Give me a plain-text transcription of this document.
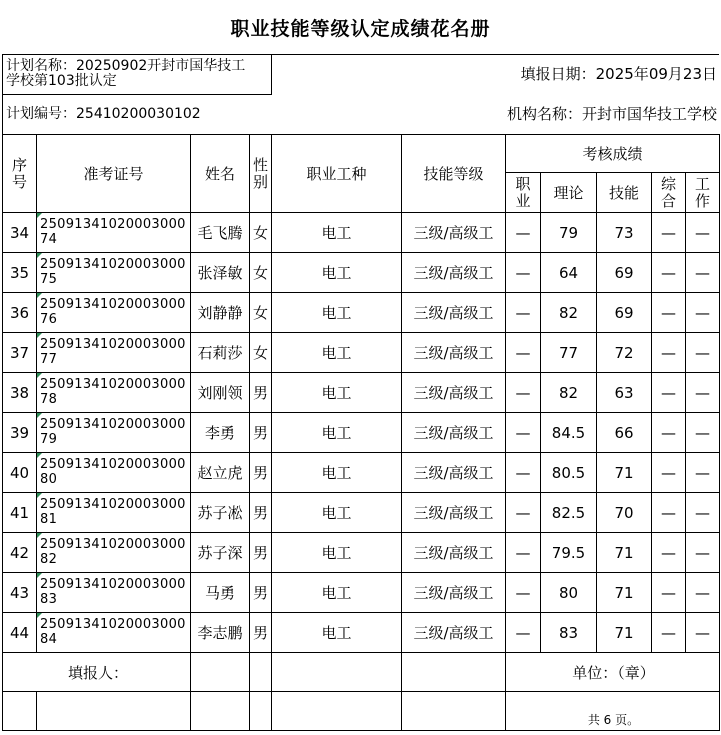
职业技能等级认定成绩花名册
计划名称：20250902开封市国华技工
学校第103批认定	填报日期：2025年09月23日
计划编号：25410200030102	机构名称：开封市国华技工学校
序号	准考证号	姓名	性别	职业工种	技能等级	考核成绩				
						职业	理论	技能	综合	工作
34	2509134102000300074	毛飞腾	女	电工	三级/高级工	—	79	73	—	—
35	2509134102000300075	张泽敏	女	电工	三级/高级工	—	64	69	—	—
36	2509134102000300076	刘静静	女	电工	三级/高级工	—	82	69	—	—
37	2509134102000300077	石莉莎	女	电工	三级/高级工	—	77	72	—	—
38	2509134102000300078	刘刚领	男	电工	三级/高级工	—	82	63	—	—
39	2509134102000300079	李勇	男	电工	三级/高级工	—	84.5	66	—	—
40	2509134102000300080	赵立虎	男	电工	三级/高级工	—	80.5	71	—	—
41	2509134102000300081	苏子凇	男	电工	三级/高级工	—	82.5	70	—	—
42	2509134102000300082	苏子深	男	电工	三级/高级工	—	79.5	71	—	—
43	2509134102000300083	马勇	男	电工	三级/高级工	—	80	71	—	—
44	2509134102000300084	李志鹏	男	电工	三级/高级工	—	83	71	—	—
填报人：						单位：（章）				
						共 6 页。				
